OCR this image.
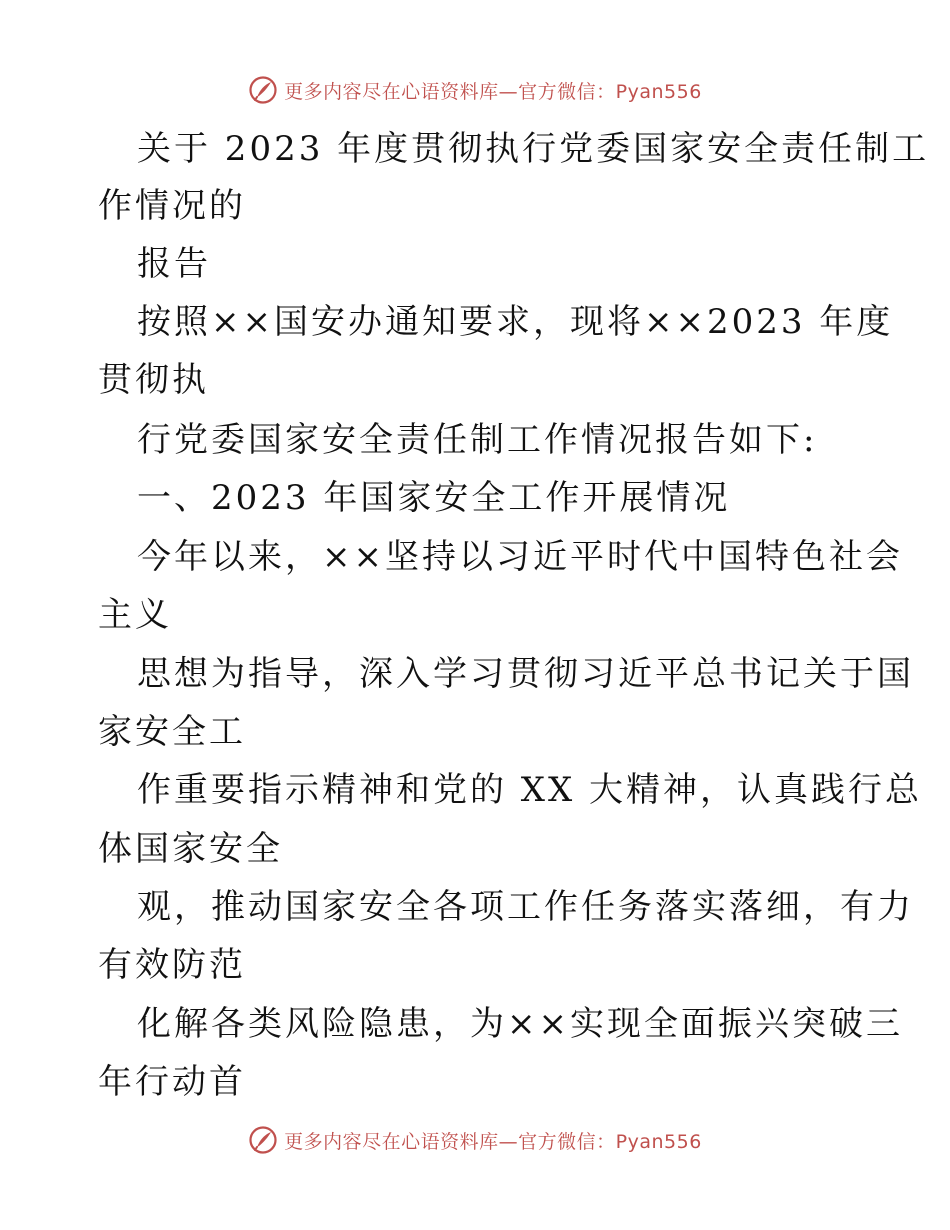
更多内容尽在心语资料库—官方微信：Pyan556
关于 2023 年度贯彻执行党委国家安全责任制工
作情况的
报告
按照××国安办通知要求，现将××2023 年度
贯彻执
行党委国家安全责任制工作情况报告如下:
一、2023 年国家安全工作开展情况
今年以来，××坚持以习近平时代中国特色社会
主义
思想为指导，深入学习贯彻习近平总书记关于国
家安全工
作重要指示精神和党的 XX 大精神，认真践行总
体国家安全
观，推动国家安全各项工作任务落实落细，有力
有效防范
化解各类风险隐患，为××实现全面振兴突破三
年行动首
更多内容尽在心语资料库—官方微信：Pyan556
